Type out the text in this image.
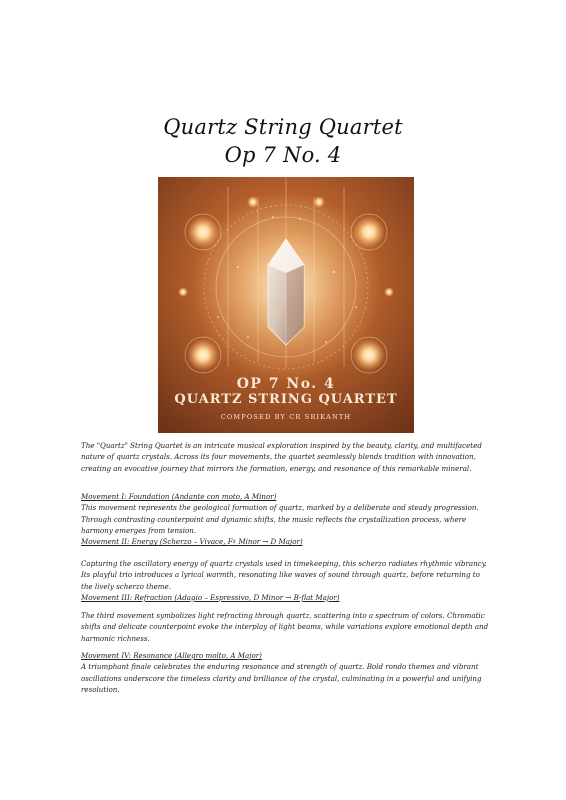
Quartz String Quartet
Op 7 No. 4
OP 7 No. 4
QUARTZ STRING QUARTET
COMPOSED BY CR SRIKANTH
The "Quartz" String Quartet is an intricate musical exploration inspired by the beauty, clarity, and multifaceted nature of quartz crystals. Across its four movements, the quartet seamlessly blends tradition with innovation, creating an evocative journey that mirrors the formation, energy, and resonance of this remarkable mineral.
Movement I: Foundation (Andante con moto, A Minor)
This movement represents the geological formation of quartz, marked by a deliberate and steady progression. Through contrasting counterpoint and dynamic shifts, the music reflects the crystallization process, where harmony emerges from tension.
Movement II: Energy (Scherzo – Vivace, F♯ Minor → D Major)
Capturing the oscillatory energy of quartz crystals used in timekeeping, this scherzo radiates rhythmic vibrancy. Its playful trio introduces a lyrical warmth, resonating like waves of sound through quartz, before returning to the lively scherzo theme.
Movement III: Refraction (Adagio – Espressivo, D Minor → B-flat Major)
The third movement symbolizes light refracting through quartz, scattering into a spectrum of colors. Chromatic shifts and delicate counterpoint evoke the interplay of light beams, while variations explore emotional depth and harmonic richness.
Movement IV: Resonance (Allegro molto, A Major)
A triumphant finale celebrates the enduring resonance and strength of quartz. Bold rondo themes and vibrant oscillations underscore the timeless clarity and brilliance of the crystal, culminating in a powerful and unifying resolution.
